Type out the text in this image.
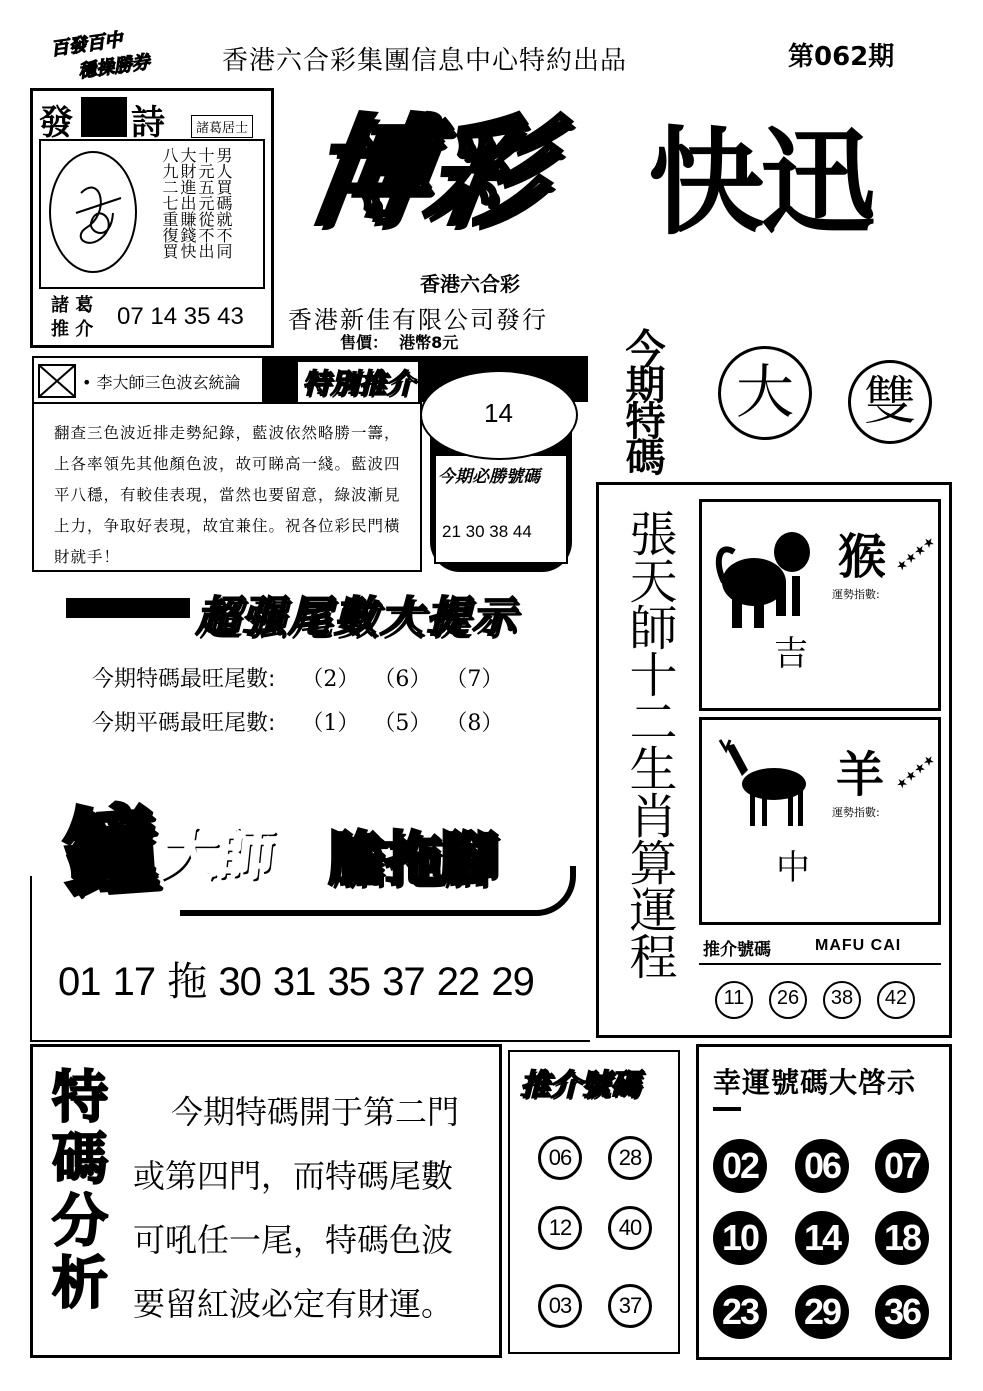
百發百中
穩操勝券	香港六合彩集團信息中心特約出品	第062期
發 詩	諸葛居士
男人買碼就不同
十元五元從不出
大財進出賺錢快
八九二七重復買
諸 葛
推 介 07 14 35 43
博彩 快迅
香港六合彩
香港新佳有限公司發行
售價：  港幣8元	今期特碼	大	雙
• 李大師三色波玄統論
翻查三色波近排走勢紀錄，藍波依然略勝一籌，上各率領先其他顏色波，故可睇高一綫。藍波四平八穩，有較佳表現，當然也要留意，綠波漸見上力，争取好表現，故宜兼住。祝各位彩民門橫財就手！
特別推介
14
今期必勝號碼
21 30 38 44
超强尾數大提示
今期特碼最旺尾數: （2） （6） （7）
今期平碼最旺尾數: （1） （5） （8）
鐘
大師 膽拖腳
01 17 拖 30 31 35 37 22 29
張天師十二生肖算運程	猴 ★★★★
運勢指數:
吉
羊 ★★★★
運勢指數:
中
推介號碼	MAFU CAI
11	26	38	42
特碼分析 今期特碼開于第二門
或第四門，而特碼尾數
可吼任一尾，特碼色波
要留紅波必定有財運。
推介號碼
06	28
12	40
03	37
幸運號碼大啓示
02 06 07
10 14 18
23 29 36
